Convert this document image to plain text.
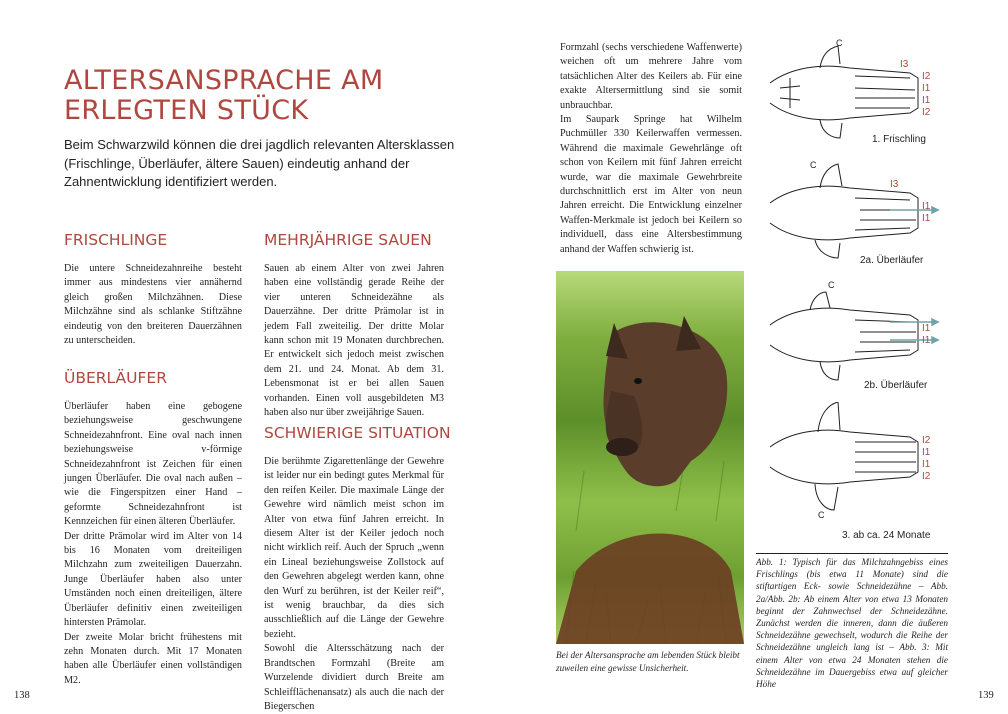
ALTERSANSPRACHE AM ERLEGTEN STÜCK

Beim Schwarzwild können die drei jagdlich relevanten Altersklassen (Frischlinge, Überläufer, ältere Sauen) eindeutig anhand der Zahnentwicklung identifiziert werden.

FRISCHLINGE

Die untere Schneidezahnreihe besteht immer aus mindestens vier annähernd gleich großen Milchzähnen. Diese Milchzähne sind als schlanke Stiftzähne eindeutig von den breiteren Dauerzähnen zu unterscheiden.

ÜBERLÄUFER

Überläufer haben eine gebogene beziehungsweise geschwungene Schneidezahnfront. Eine oval nach innen beziehungsweise v-förmige Schneidezahnfront ist Zeichen für einen jungen Überläufer. Die oval nach außen – wie die Fingerspitzen einer Hand – geformte Schneidezahnfront ist Kennzeichen für einen älteren Überläufer.

Der dritte Prämolar wird im Alter von 14 bis 16 Monaten vom dreiteiligen Milchzahn zum zweiteiligen Dauerzahn. Junge Überläufer haben also unter Umständen noch einen dreiteiligen, ältere Überläufer definitiv einen zweiteiligen hintersten Prämolar.

Der zweite Molar bricht frühestens mit zehn Monaten durch. Mit 17 Monaten haben alle Überläufer einen vollständigen M2.

MEHRJÄHRIGE SAUEN

Sauen ab einem Alter von zwei Jahren haben eine vollständig gerade Reihe der vier unteren Schneidezähne als Dauerzähne. Der dritte Prämolar ist in jedem Fall zweiteilig. Der dritte Molar kann schon mit 19 Monaten durchbrechen. Er entwickelt sich jedoch meist zwischen dem 21. und 24. Monat. Ab dem 31. Lebensmonat ist er bei allen Sauen vorhanden. Einen voll ausgebildeten M3 haben also nur über zweijährige Sauen.

SCHWIERIGE SITUATION

Die berühmte Zigarettenlänge der Gewehre ist leider nur ein bedingt gutes Merkmal für den reifen Keiler. Die maximale Länge der Gewehre wird nämlich meist schon im Alter von etwa fünf Jahren erreicht. In diesem Alter ist der Keiler jedoch noch nicht wirklich reif. Auch der Spruch „wenn ein Lineal beziehungsweise Zollstock auf den Gewehren abgelegt werden kann, ohne den Wurf zu berühren, ist der Keiler reif“, ist wenig brauchbar, da dies sich ausschließlich auf die Länge der Gewehre bezieht.

Sowohl die Altersschätzung nach der Brandtschen Formzahl (Breite am Wurzelende dividiert durch Breite am Schleifflächenansatz) als auch die nach der Biegerschen

138	139

Formzahl (sechs verschiedene Waffenwerte) weichen oft um mehrere Jahre vom tatsächlichen Alter des Keilers ab. Für eine exakte Altersermittlung sind sie somit unbrauchbar.

Im Saupark Springe hat Wilhelm Puchmüller 330 Keilerwaffen vermessen. Während die maximale Gewehrlänge oft schon von Keilern mit fünf Jahren erreicht wurde, war die maximale Gewehrbreite durchschnittlich erst im Alter von neun Jahren erreicht. Die Entwicklung einzelner Waffen-Merkmale ist jedoch bei Keilern so individuell, dass eine Altersbestimmung anhand der Waffen schwierig ist.

Bei der Altersansprache am lebenden Stück bleibt zuweilen eine gewisse Unsicherheit.

C
I3
I2
I1
I1
I2
1. Frischling
C
I3
I1
I1
2a. Überläufer
C
I1
I1
2b. Überläufer
I2
I1
I1
I2
C
3. ab ca. 24 Monate

Abb. 1: Typisch für das Milchzahngebiss eines Frischlings (bis etwa 11 Monate) sind die stiftartigen Eck- sowie Schneidezähne – Abb. 2a/Abb. 2b: Ab einem Alter von etwa 13 Monaten beginnt der Zahnwechsel der Schneidezähne. Zunächst werden die inneren, dann die äußeren Schneidezähne gewechselt, wodurch die Reihe der Schneidezähne ungleich lang ist – Abb. 3: Mit einem Alter von etwa 24 Monaten stehen die Schneidezähne im Dauergebiss etwa auf gleicher Höhe
